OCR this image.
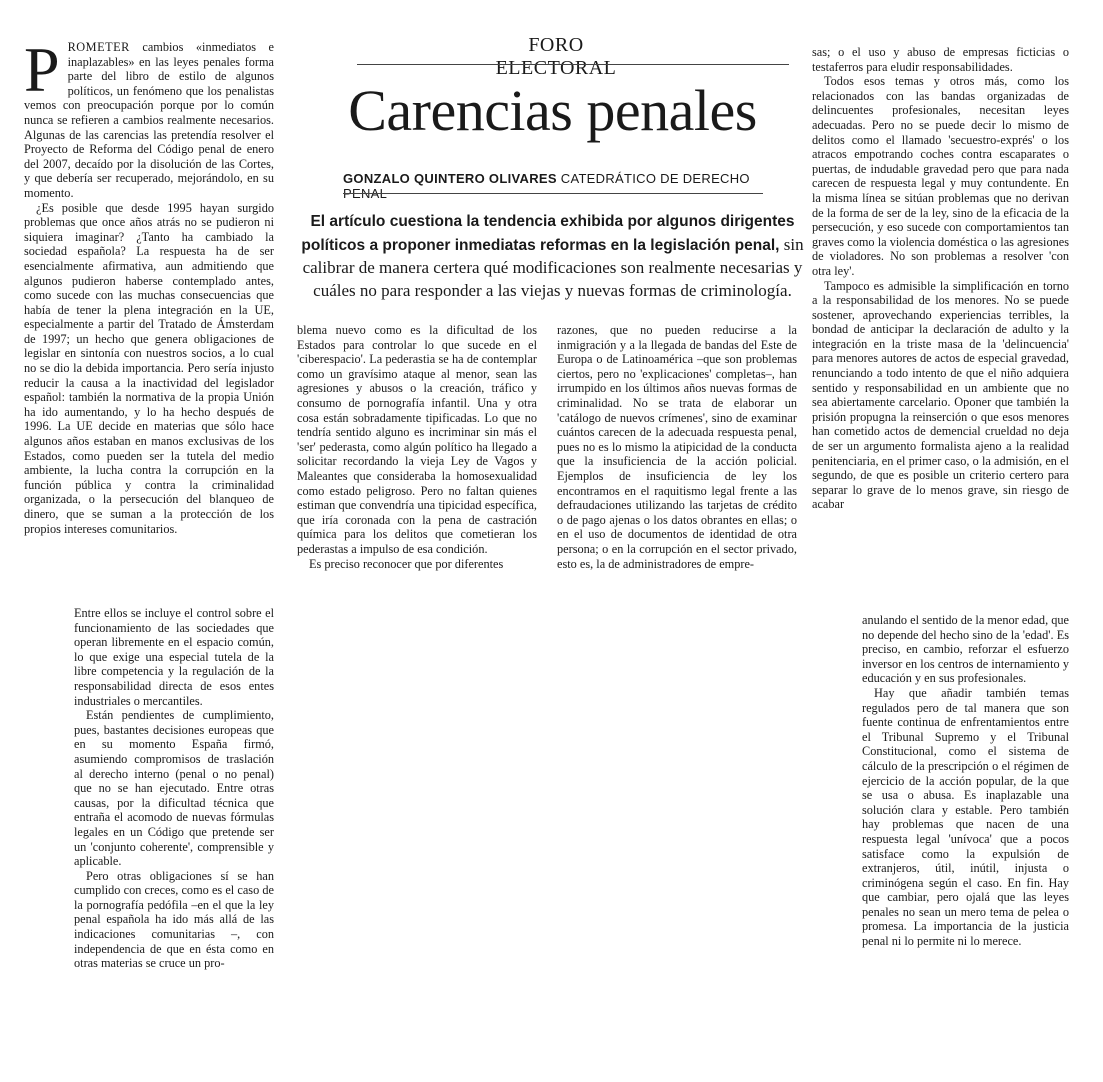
FORO ELECTORAL
Carencias penales
GONZALO QUINTERO OLIVARES CATEDRÁTICO DE DERECHO PENAL
El artículo cuestiona la tendencia exhibida por algunos dirigentes políticos a proponer inmediatas reformas en la legislación penal, sin calibrar de manera certera qué modificaciones son realmente necesarias y cuáles no para responder a las viejas y nuevas formas de criminología.

PROMETER cambios «inmediatos e inaplazables» en las leyes penales forma parte del libro de estilo de algunos políticos, un fenómeno que los penalistas vemos con preocupación porque por lo común nunca se refieren a cambios realmente necesarios. Algunas de las carencias las pretendía resolver el Proyecto de Reforma del Código penal de enero del 2007, decaído por la disolución de las Cortes, y que debería ser recuperado, mejorándolo, en su momento.

¿Es posible que desde 1995 hayan surgido problemas que once años atrás no se pudieron ni siquiera imaginar? ¿Tanto ha cambiado la sociedad española? La respuesta ha de ser esencialmente afirmativa, aun admitiendo que algunos pudieron haberse contemplado antes, como sucede con las muchas consecuencias que había de tener la plena integración en la UE, especialmente a partir del Tratado de Ámsterdam de 1997; un hecho que genera obligaciones de legislar en sintonía con nuestros socios, a lo cual no se dio la debida importancia. Pero sería injusto reducir la causa a la inactividad del legislador español: también la normativa de la propia Unión ha ido aumentando, y lo ha hecho después de 1996. La UE decide en materias que sólo hace algunos años estaban en manos exclusivas de los Estados, como pueden ser la tutela del medio ambiente, la lucha contra la corrupción en la función pública y contra la criminalidad organizada, o la persecución del blanqueo de dinero, que se suman a la protección de los propios intereses comunitarios.

Entre ellos se incluye el control sobre el funcionamiento de las sociedades que operan libremente en el espacio común, lo que exige una especial tutela de la libre competencia y la regulación de la responsabilidad directa de esos entes industriales o mercantiles.

Están pendientes de cumplimiento, pues, bastantes decisiones europeas que en su momento España firmó, asumiendo compromisos de traslación al derecho interno (penal o no penal) que no se han ejecutado. Entre otras causas, por la dificultad técnica que entraña el acomodo de nuevas fórmulas legales en un Código que pretende ser un 'conjunto coherente', comprensible y aplicable.

Pero otras obligaciones sí se han cumplido con creces, como es el caso de la pornografía pedófila –en el que la ley penal española ha ido más allá de las indicaciones comunitarias –, con independencia de que en ésta como en otras materias se cruce un pro-

blema nuevo como es la dificultad de los Estados para controlar lo que sucede en el 'ciberespacio'. La pederastia se ha de contemplar como un gravísimo ataque al menor, sean las agresiones y abusos o la creación, tráfico y consumo de pornografía infantil. Una y otra cosa están sobradamente tipificadas. Lo que no tendría sentido alguno es incriminar sin más el 'ser' pederasta, como algún político ha llegado a solicitar recordando la vieja Ley de Vagos y Maleantes que consideraba la homosexualidad como estado peligroso. Pero no faltan quienes estiman que convendría una tipicidad específica, que iría coronada con la pena de castración química para los delitos que cometieran los pederastas a impulso de esa condición.

Es preciso reconocer que por diferentes

razones, que no pueden reducirse a la inmigración y a la llegada de bandas del Este de Europa o de Latinoamérica –que son problemas ciertos, pero no 'explicaciones' completas–, han irrumpido en los últimos años nuevas formas de criminalidad. No se trata de elaborar un 'catálogo de nuevos crímenes', sino de examinar cuántos carecen de la adecuada respuesta penal, pues no es lo mismo la atipicidad de la conducta que la insuficiencia de la acción policial. Ejemplos de insuficiencia de ley los encontramos en el raquitismo legal frente a las defraudaciones utilizando las tarjetas de crédito o de pago ajenas o los datos obrantes en ellas; o en el uso de documentos de identidad de otra persona; o en la corrupción en el sector privado, esto es, la de administradores de empre-

sas; o el uso y abuso de empresas ficticias o testaferros para eludir responsabilidades.

Todos esos temas y otros más, como los relacionados con las bandas organizadas de delincuentes profesionales, necesitan leyes adecuadas. Pero no se puede decir lo mismo de delitos como el llamado 'secuestro-exprés' o los atracos empotrando coches contra escaparates o puertas, de indudable gravedad pero que para nada carecen de respuesta legal y muy contundente. En la misma línea se sitúan problemas que no derivan de la forma de ser de la ley, sino de la eficacia de la persecución, y eso sucede con comportamientos tan graves como la violencia doméstica o las agresiones de violadores. No son problemas a resolver 'con otra ley'.

Tampoco es admisible la simplificación en torno a la responsabilidad de los menores. No se puede sostener, aprovechando experiencias terribles, la bondad de anticipar la declaración de adulto y la integración en la triste masa de la 'delincuencia' para menores autores de actos de especial gravedad, renunciando a todo intento de que el niño adquiera sentido y responsabilidad en un ambiente que no sea abiertamente carcelario. Oponer que también la prisión propugna la reinserción o que esos menores han cometido actos de demencial crueldad no deja de ser un argumento formalista ajeno a la realidad penitenciaria, en el primer caso, o la admisión, en el segundo, de que es posible un criterio certero para separar lo grave de lo menos grave, sin riesgo de acabar

anulando el sentido de la menor edad, que no depende del hecho sino de la 'edad'. Es preciso, en cambio, reforzar el esfuerzo inversor en los centros de internamiento y educación y en sus profesionales.

Hay que añadir también temas regulados pero de tal manera que son fuente continua de enfrentamientos entre el Tribunal Supremo y el Tribunal Constitucional, como el sistema de cálculo de la prescripción o el régimen de ejercicio de la acción popular, de la que se usa o abusa. Es inaplazable una solución clara y estable. Pero también hay problemas que nacen de una respuesta legal 'unívoca' que a pocos satisface como la expulsión de extranjeros, útil, inútil, injusta o criminógena según el caso. En fin. Hay que cambiar, pero ojalá que las leyes penales no sean un mero tema de pelea o promesa. La importancia de la justicia penal ni lo permite ni lo merece.
